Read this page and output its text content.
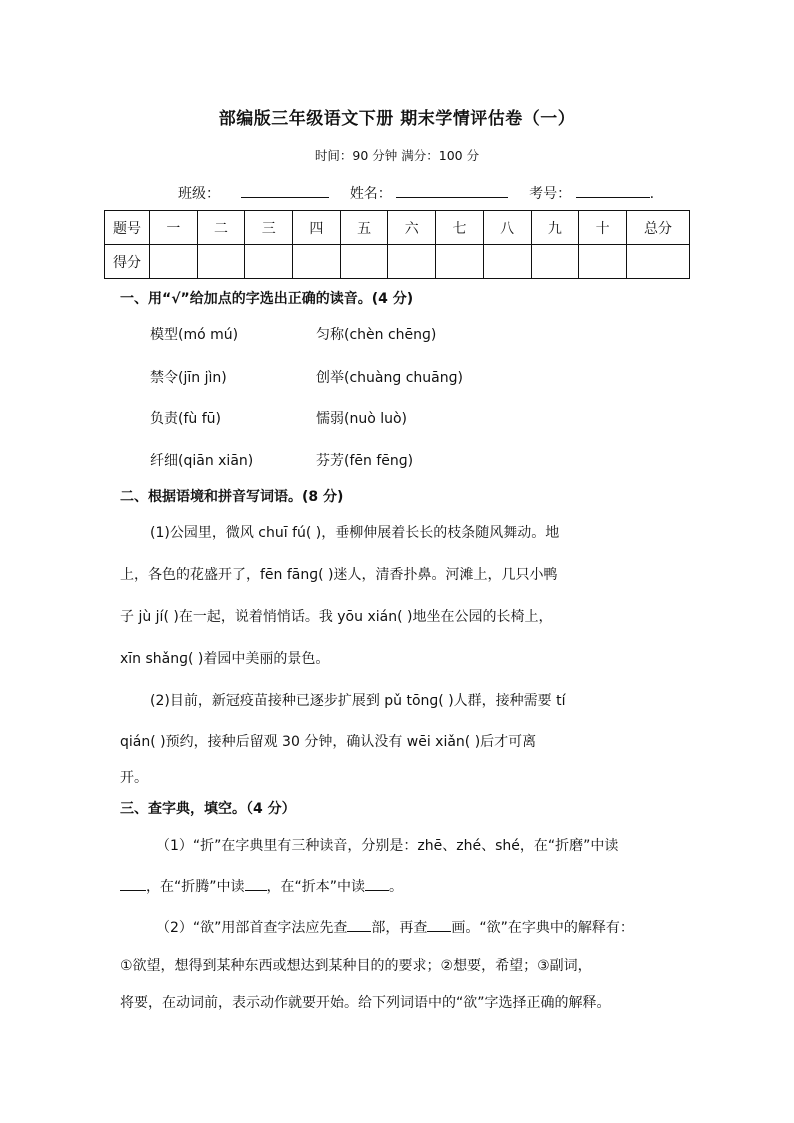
部编版三年级语文下册 期末学情评估卷（一）
时间：90 分钟 满分：100 分
班级：	姓名：	考号：	.
题号	一	二	三	四	五	六	七	八	九	十	总分
得分											
一、用“√”给加点的字选出正确的读音。(4 分)
模型(mó mú)	匀称(chèn chēnɡ)
禁令(jīn jìn)	创举(chuànɡ chuānɡ)
负责(fù fū)	懦弱(nuò luò)
纤细(qiān xiān)	芬芳(fēn fēnɡ)
二、根据语境和拼音写词语。(8 分)
(1)公园里，微风 chuī fú( )，垂柳伸展着长长的枝条随风舞动。地
上，各色的花盛开了，fēn fānɡ( )迷人，清香扑鼻。河滩上，几只小鸭
子 jù jí( )在一起，说着悄悄话。我 yōu xián( )地坐在公园的长椅上，
xīn shǎnɡ( )着园中美丽的景色。
(2)目前，新冠疫苗接种已逐步扩展到 pǔ tōnɡ( )人群，接种需要 tí
qián( )预约，接种后留观 30 分钟，确认没有 wēi xiǎn( )后才可离
开。
三、查字典，填空。（4 分）
（1）“折”在字典里有三种读音，分别是：zhē、zhé、shé，在“折磨”中读
，在“折腾”中读 ，在“折本”中读 。
（2）“欲”用部首查字法应先查 部，再查 画。“欲”在字典中的解释有：
①欲望，想得到某种东西或想达到某种目的的要求；②想要，希望；③副词，
将要，在动词前，表示动作就要开始。给下列词语中的“欲”字选择正确的解释。
